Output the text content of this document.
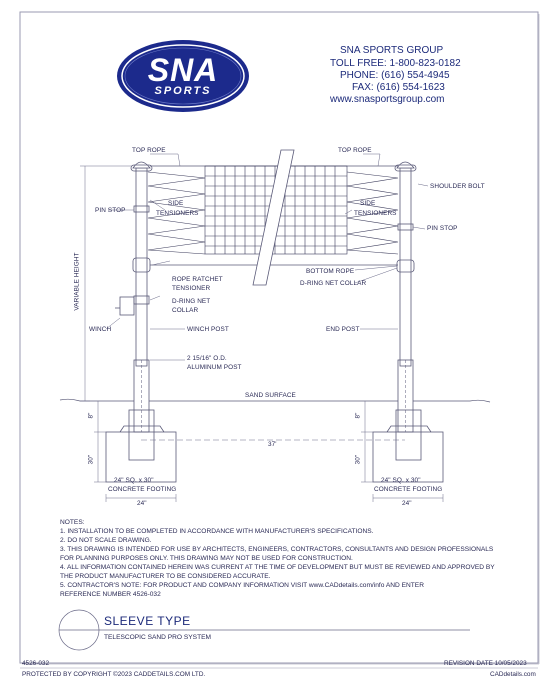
SNA
SPORTS
SNA SPORTS GROUP
TOLL FREE: 1-800-823-0182
PHONE: (616) 554-4945
FAX: (616) 554-1623
www.snasportsgroup.com
TOP ROPE	TOP ROPE
SHOULDER BOLT
PIN STOP
PIN STOP
SIDE
TENSIONERS
SIDE
TENSIONERS
VARIABLE HEIGHT	ROPE RATCHET
TENSIONER
BOTTOM ROPE
D-RING NET
COLLAR
D-RING NET COLLAR
WINCH	WINCH POST	END POST
2 15/16" O.D.
ALUMINUM POST
SAND SURFACE
8"	8"
30"	30"
37'
24" SQ. x 30"
CONCRETE FOOTING
24" SQ. x 30"
CONCRETE FOOTING
24"	24"
NOTES:
1. INSTALLATION TO BE COMPLETED IN ACCORDANCE WITH MANUFACTURER'S SPECIFICATIONS.
2. DO NOT SCALE DRAWING.
3. THIS DRAWING IS INTENDED FOR USE BY ARCHITECTS, ENGINEERS, CONTRACTORS, CONSULTANTS AND DESIGN PROFESSIONALS
FOR PLANNING PURPOSES ONLY. THIS DRAWING MAY NOT BE USED FOR CONSTRUCTION.
4. ALL INFORMATION CONTAINED HEREIN WAS CURRENT AT THE TIME OF DEVELOPMENT BUT MUST BE REVIEWED AND APPROVED BY
THE PRODUCT MANUFACTURER TO BE CONSIDERED ACCURATE.
5. CONTRACTOR'S NOTE: FOR PRODUCT AND COMPANY INFORMATION VISIT www.CADdetails.com/info AND ENTER
REFERENCE NUMBER 4526-032
SLEEVE TYPE
TELESCOPIC SAND PRO SYSTEM
4526-032	REVISION DATE 10/05/2023
PROTECTED BY COPYRIGHT ©2023 CADDETAILS.COM LTD.	CADdetails.com
